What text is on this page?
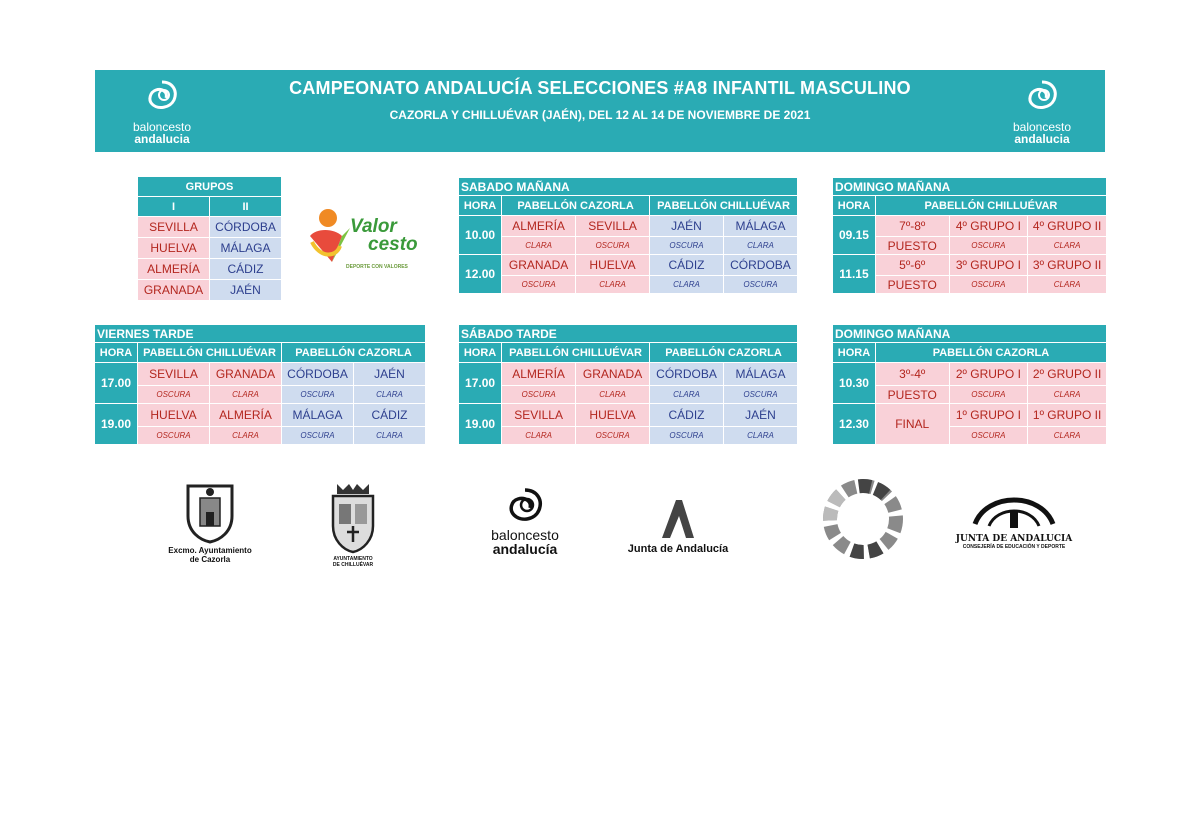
baloncesto
andalucia
CAMPEONATO ANDALUCÍA SELECCIONES #A8 INFANTIL MASCULINO
CAZORLA Y CHILLUÉVAR (JAÉN), DEL 12 AL 14 DE NOVIEMBRE DE 2021
baloncesto
andalucia
GRUPOS	
I	II
SEVILLA	CÓRDOBA
HUELVA	MÁLAGA
ALMERÍA	CÁDIZ
GRANADA	JAÉN
Valor
cesto
DEPORTE CON VALORES
SABADO MAÑANA				
HORA	PABELLÓN CAZORLA		PABELLÓN CHILLUÉVAR	
10.00	ALMERÍA	SEVILLA	JAÉN	MÁLAGA
	CLARA	OSCURA	OSCURA	CLARA
12.00	GRANADA	HUELVA	CÁDIZ	CÓRDOBA
	OSCURA	CLARA	CLARA	OSCURA
DOMINGO MAÑANA			
HORA	PABELLÓN CHILLUÉVAR		
09.15	7º-8º	4º GRUPO I	4º GRUPO II
	PUESTO	OSCURA	CLARA
11.15	5º-6º	3º GRUPO I	3º GRUPO II
	PUESTO	OSCURA	CLARA
VIERNES TARDE				
HORA	PABELLÓN CHILLUÉVAR		PABELLÓN CAZORLA	
17.00	SEVILLA	GRANADA	CÓRDOBA	JAÉN
	OSCURA	CLARA	OSCURA	CLARA
19.00	HUELVA	ALMERÍA	MÁLAGA	CÁDIZ
	OSCURA	CLARA	OSCURA	CLARA
SÁBADO TARDE				
HORA	PABELLÓN CHILLUÉVAR		PABELLÓN CAZORLA	
17.00	ALMERÍA	GRANADA	CÓRDOBA	MÁLAGA
	OSCURA	CLARA	CLARA	OSCURA
19.00	SEVILLA	HUELVA	CÁDIZ	JAÉN
	CLARA	OSCURA	OSCURA	CLARA
DOMINGO MAÑANA			
HORA	PABELLÓN CAZORLA		
10.30	3º-4º	2º GRUPO I	2º GRUPO II
	PUESTO	OSCURA	CLARA
12.30	FINAL	1º GRUPO I	1º GRUPO II
		OSCURA	CLARA
Excmo. Ayuntamiento
de Cazorla	AYUNTAMIENTO
DE CHILLUÉVAR
baloncesto
andalucía	Junta de Andalucía
JUNTA DE ANDALUCIA
CONSEJERÍA DE EDUCACIÓN Y DEPORTE
